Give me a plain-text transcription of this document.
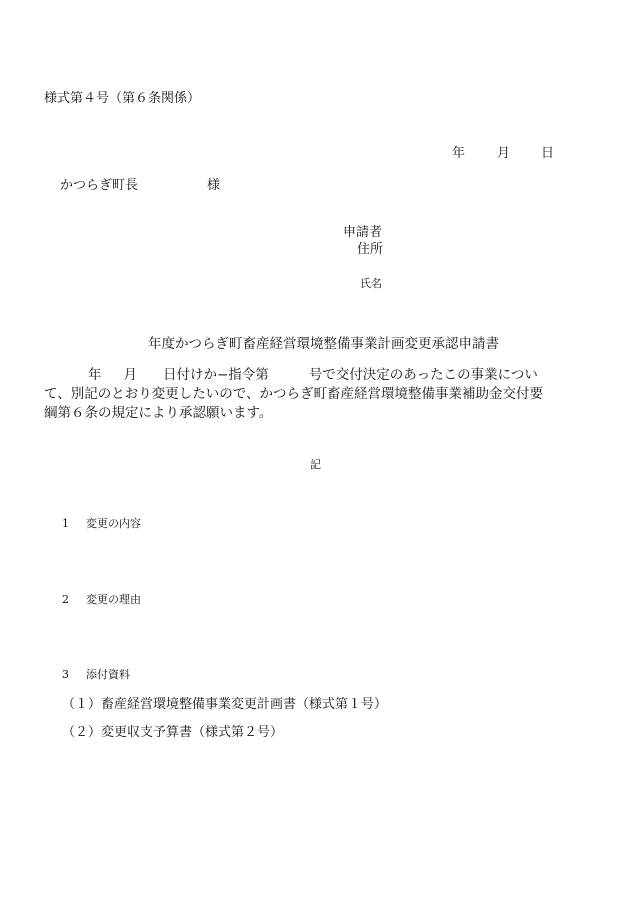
様式第４号（第６条関係）
年 月 日
かつらぎ町長	様
申請者
住所
氏名
年度かつらぎ町畜産経営環境整備事業計画変更承認申請書
年 月 日付けか−指令第	号で交付決定のあったこの事業につい
て、別記のとおり変更したいので、かつらぎ町畜産経営環境整備事業補助金交付要
綱第６条の規定により承認願います。
記
1 変更の内容
2 変更の理由
3 添付資料
（１）畜産経営環境整備事業変更計画書（様式第１号）
（２）変更収支予算書（様式第２号）
